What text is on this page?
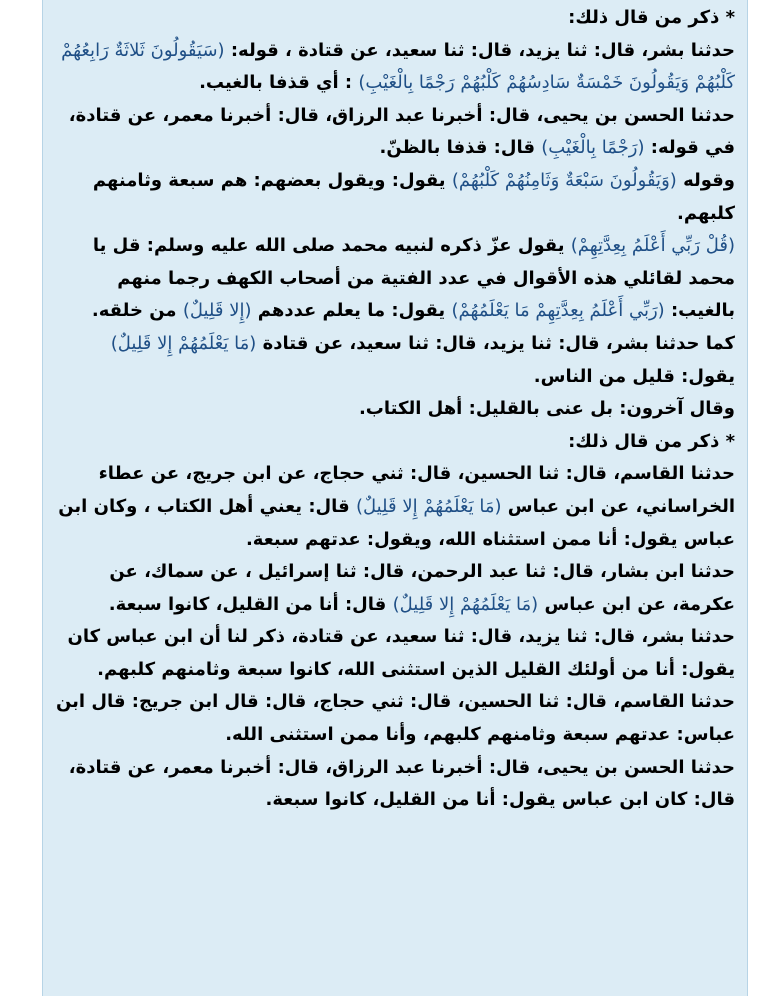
* ذكر من قال ذلك:

حدثنا بشر، قال: ثنا يزيد، قال: ثنا سعيد، عن قتادة ، قوله: (سَيَقُولُونَ ثَلاثَةٌ رَابِعُهُمْ كَلْبُهُمْ وَيَقُولُونَ خَمْسَةٌ سَادِسُهُمْ كَلْبُهُمْ رَجْمًا بِالْغَيْبِ) : أي قذفا بالغيب.

حدثنا الحسن بن يحيى، قال: أخبرنا عبد الرزاق، قال: أخبرنا معمر، عن قتادة، في قوله: (رَجْمًا بِالْغَيْبِ) قال: قذفا بالظنّ.

وقوله (وَيَقُولُونَ سَبْعَةٌ وَثَامِنُهُمْ كَلْبُهُمْ) يقول: ويقول بعضهم: هم سبعة وثامنهم كلبهم.

(قُلْ رَبِّي أَعْلَمُ بِعِدَّتِهِمْ) يقول عزّ ذكره لنبيه محمد صلى الله عليه وسلم: قل يا محمد لقائلي هذه الأقوال في عدد الفتية من أصحاب الكهف رجما منهم بالغيب: (رَبِّي أَعْلَمُ بِعِدَّتِهِمْ مَا يَعْلَمُهُمْ) يقول: ما يعلم عددهم (إِلا قَلِيلٌ) من خلقه.

كما حدثنا بشر، قال: ثنا يزيد، قال: ثنا سعيد، عن قتادة (مَا يَعْلَمُهُمْ إِلا قَلِيلٌ) يقول: قليل من الناس.

وقال آخرون: بل عنى بالقليل: أهل الكتاب.

* ذكر من قال ذلك:

حدثنا القاسم، قال: ثنا الحسين، قال: ثني حجاج، عن ابن جريج، عن عطاء الخراساني، عن ابن عباس (مَا يَعْلَمُهُمْ إِلا قَلِيلٌ) قال: يعني أهل الكتاب ، وكان ابن عباس يقول: أنا ممن استثناه الله، ويقول: عدتهم سبعة.

حدثنا ابن بشار، قال: ثنا عبد الرحمن، قال: ثنا إسرائيل ، عن سماك، عن عكرمة، عن ابن عباس (مَا يَعْلَمُهُمْ إِلا قَلِيلٌ) قال: أنا من القليل، كانوا سبعة.

حدثنا بشر، قال: ثنا يزيد، قال: ثنا سعيد، عن قتادة، ذكر لنا أن ابن عباس كان يقول: أنا من أولئك القليل الذين استثنى الله، كانوا سبعة وثامنهم كلبهم.

حدثنا القاسم، قال: ثنا الحسين، قال: ثني حجاج، قال: قال ابن جريج: قال ابن عباس: عدتهم سبعة وثامنهم كلبهم، وأنا ممن استثنى الله.

حدثنا الحسن بن يحيى، قال: أخبرنا عبد الرزاق، قال: أخبرنا معمر، عن قتادة، قال: كان ابن عباس يقول: أنا من القليل، كانوا سبعة.
